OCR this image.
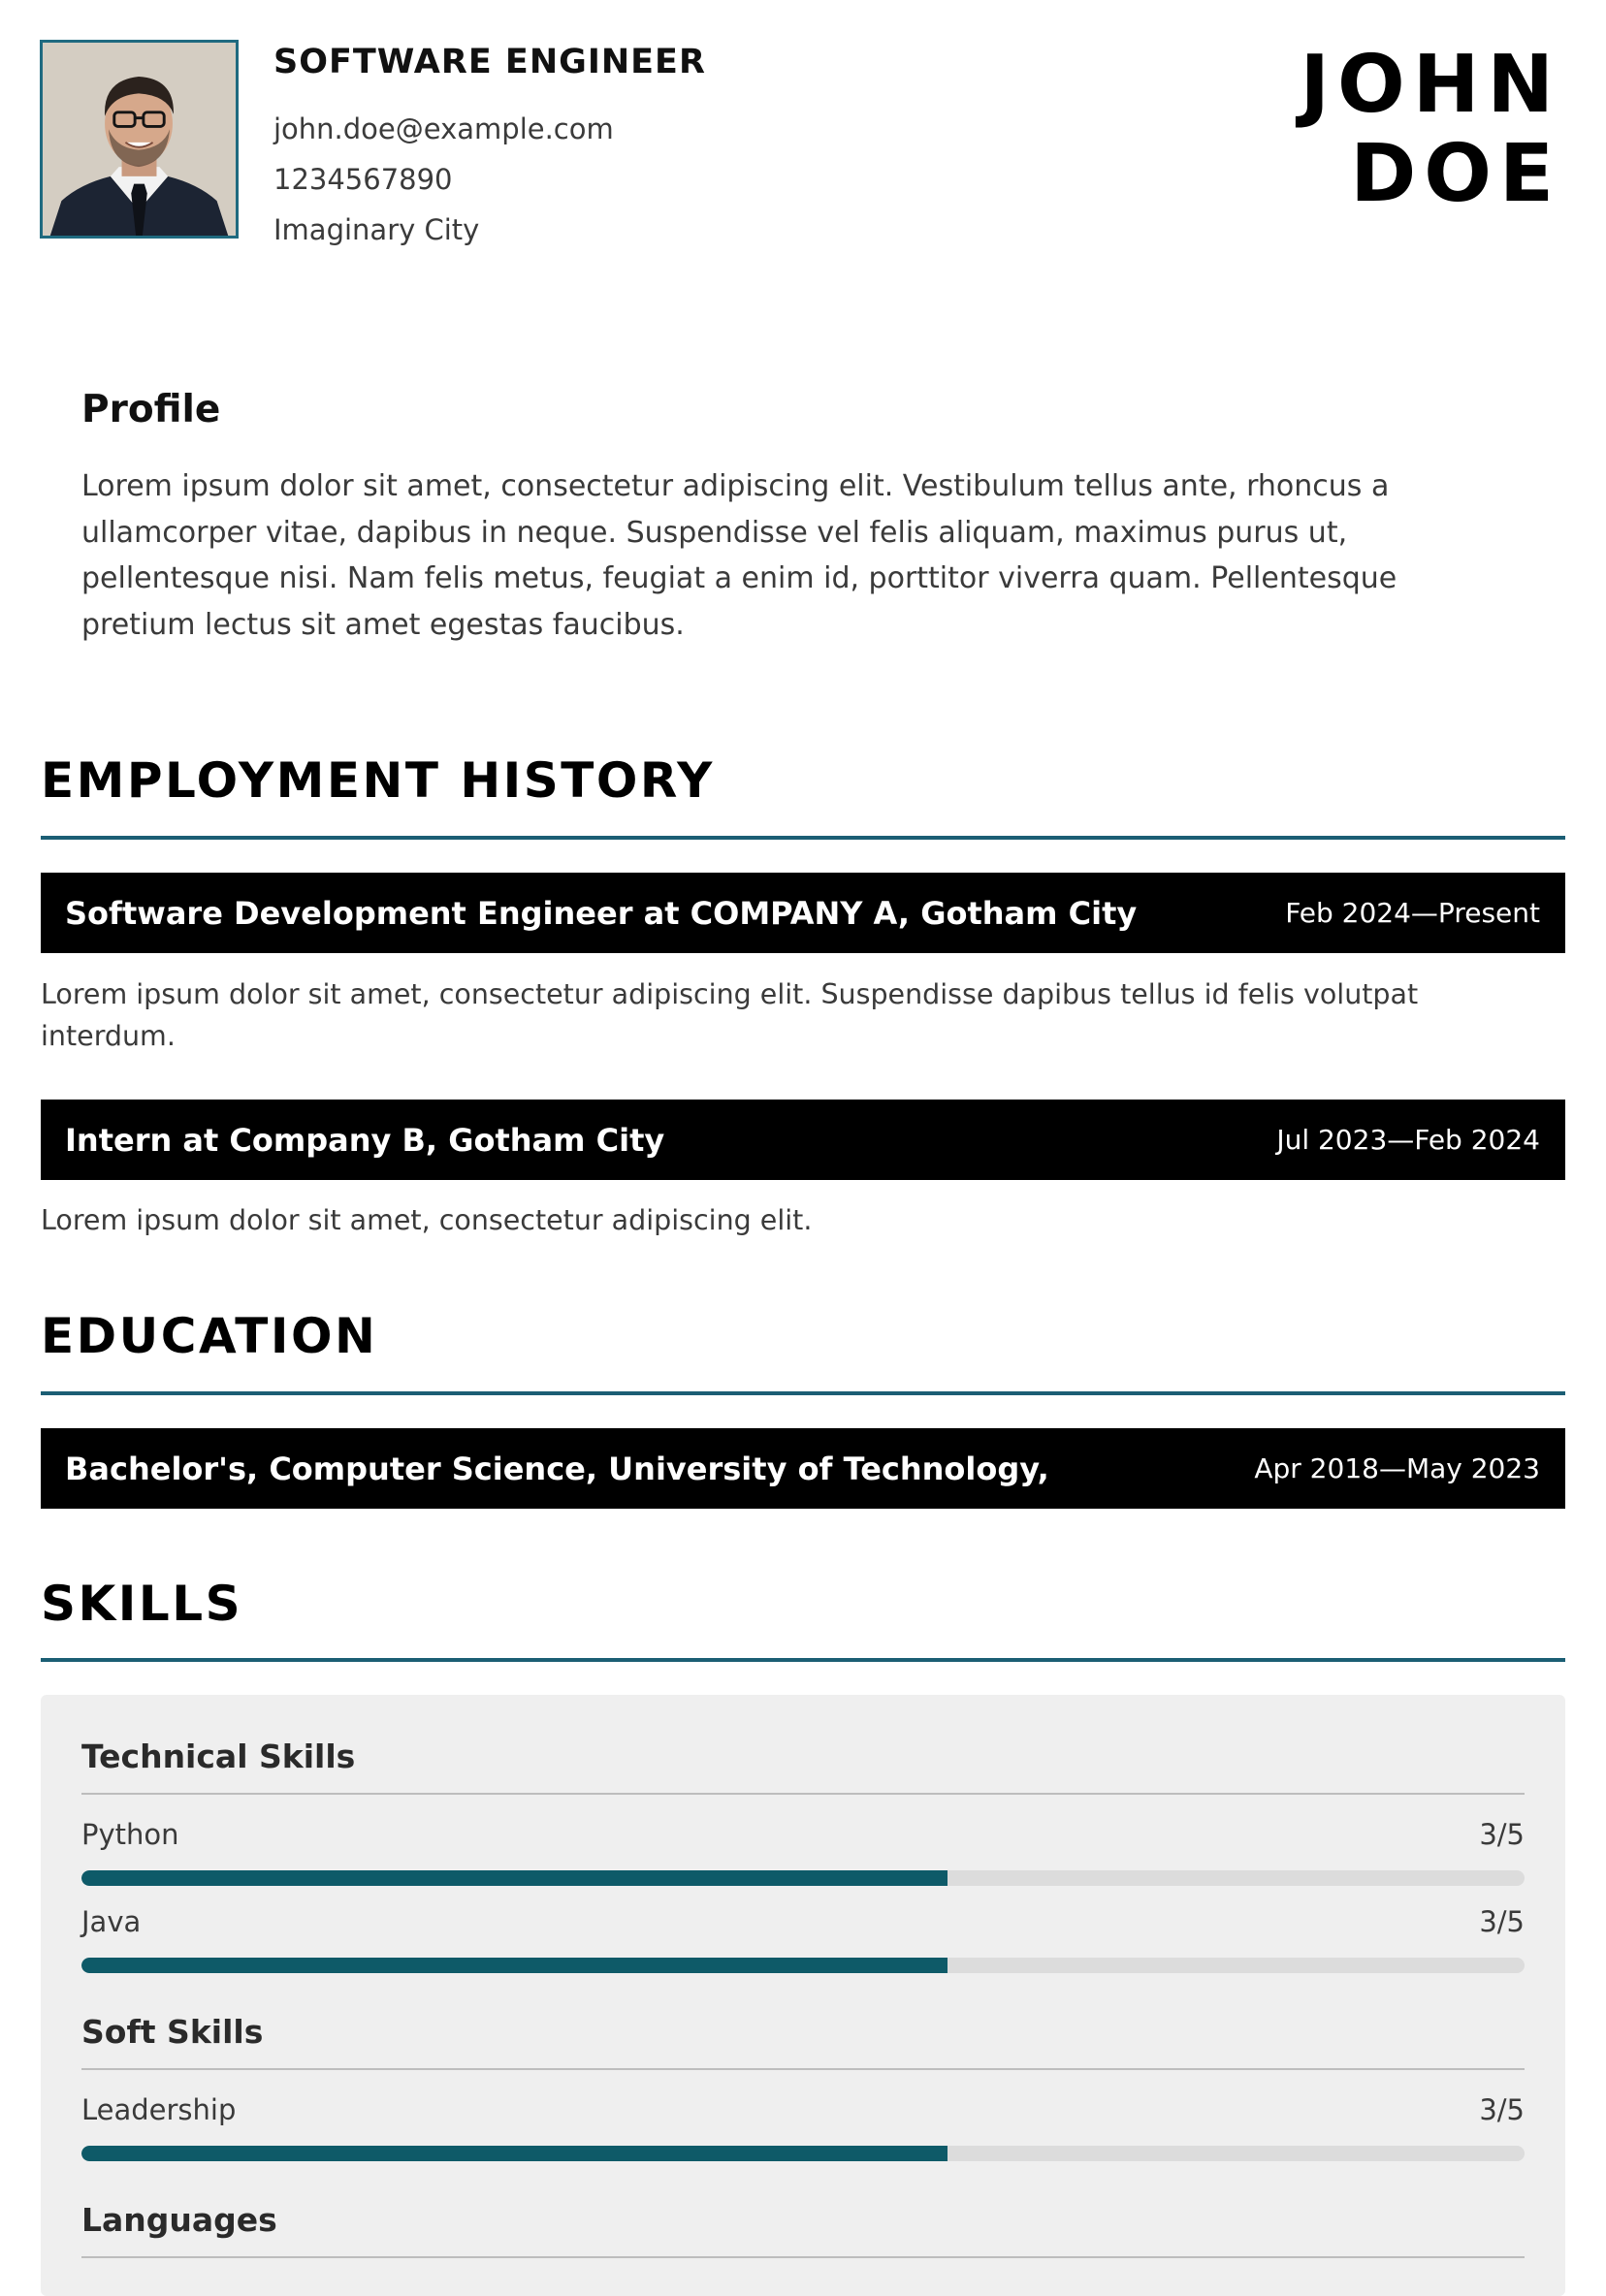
SOFTWARE ENGINEER
john.doe@example.com
1234567890
Imaginary City
JOHN
DOE
Profile
Lorem ipsum dolor sit amet, consectetur adipiscing elit. Vestibulum tellus ante, rhoncus a ullamcorper vitae, dapibus in neque. Suspendisse vel felis aliquam, maximus purus ut, pellentesque nisi. Nam felis metus, feugiat a enim id, porttitor viverra quam. Pellentesque pretium lectus sit amet egestas faucibus.
EMPLOYMENT HISTORY
Software Development Engineer at COMPANY A, Gotham City	Feb 2024—Present
Lorem ipsum dolor sit amet, consectetur adipiscing elit. Suspendisse dapibus tellus id felis volutpat interdum.
Intern at Company B, Gotham City	Jul 2023—Feb 2024
Lorem ipsum dolor sit amet, consectetur adipiscing elit.
EDUCATION
Bachelor's, Computer Science, University of Technology,	Apr 2018—May 2023
SKILLS
Technical Skills
Python	3/5
Java	3/5
Soft Skills
Leadership	3/5
Languages
